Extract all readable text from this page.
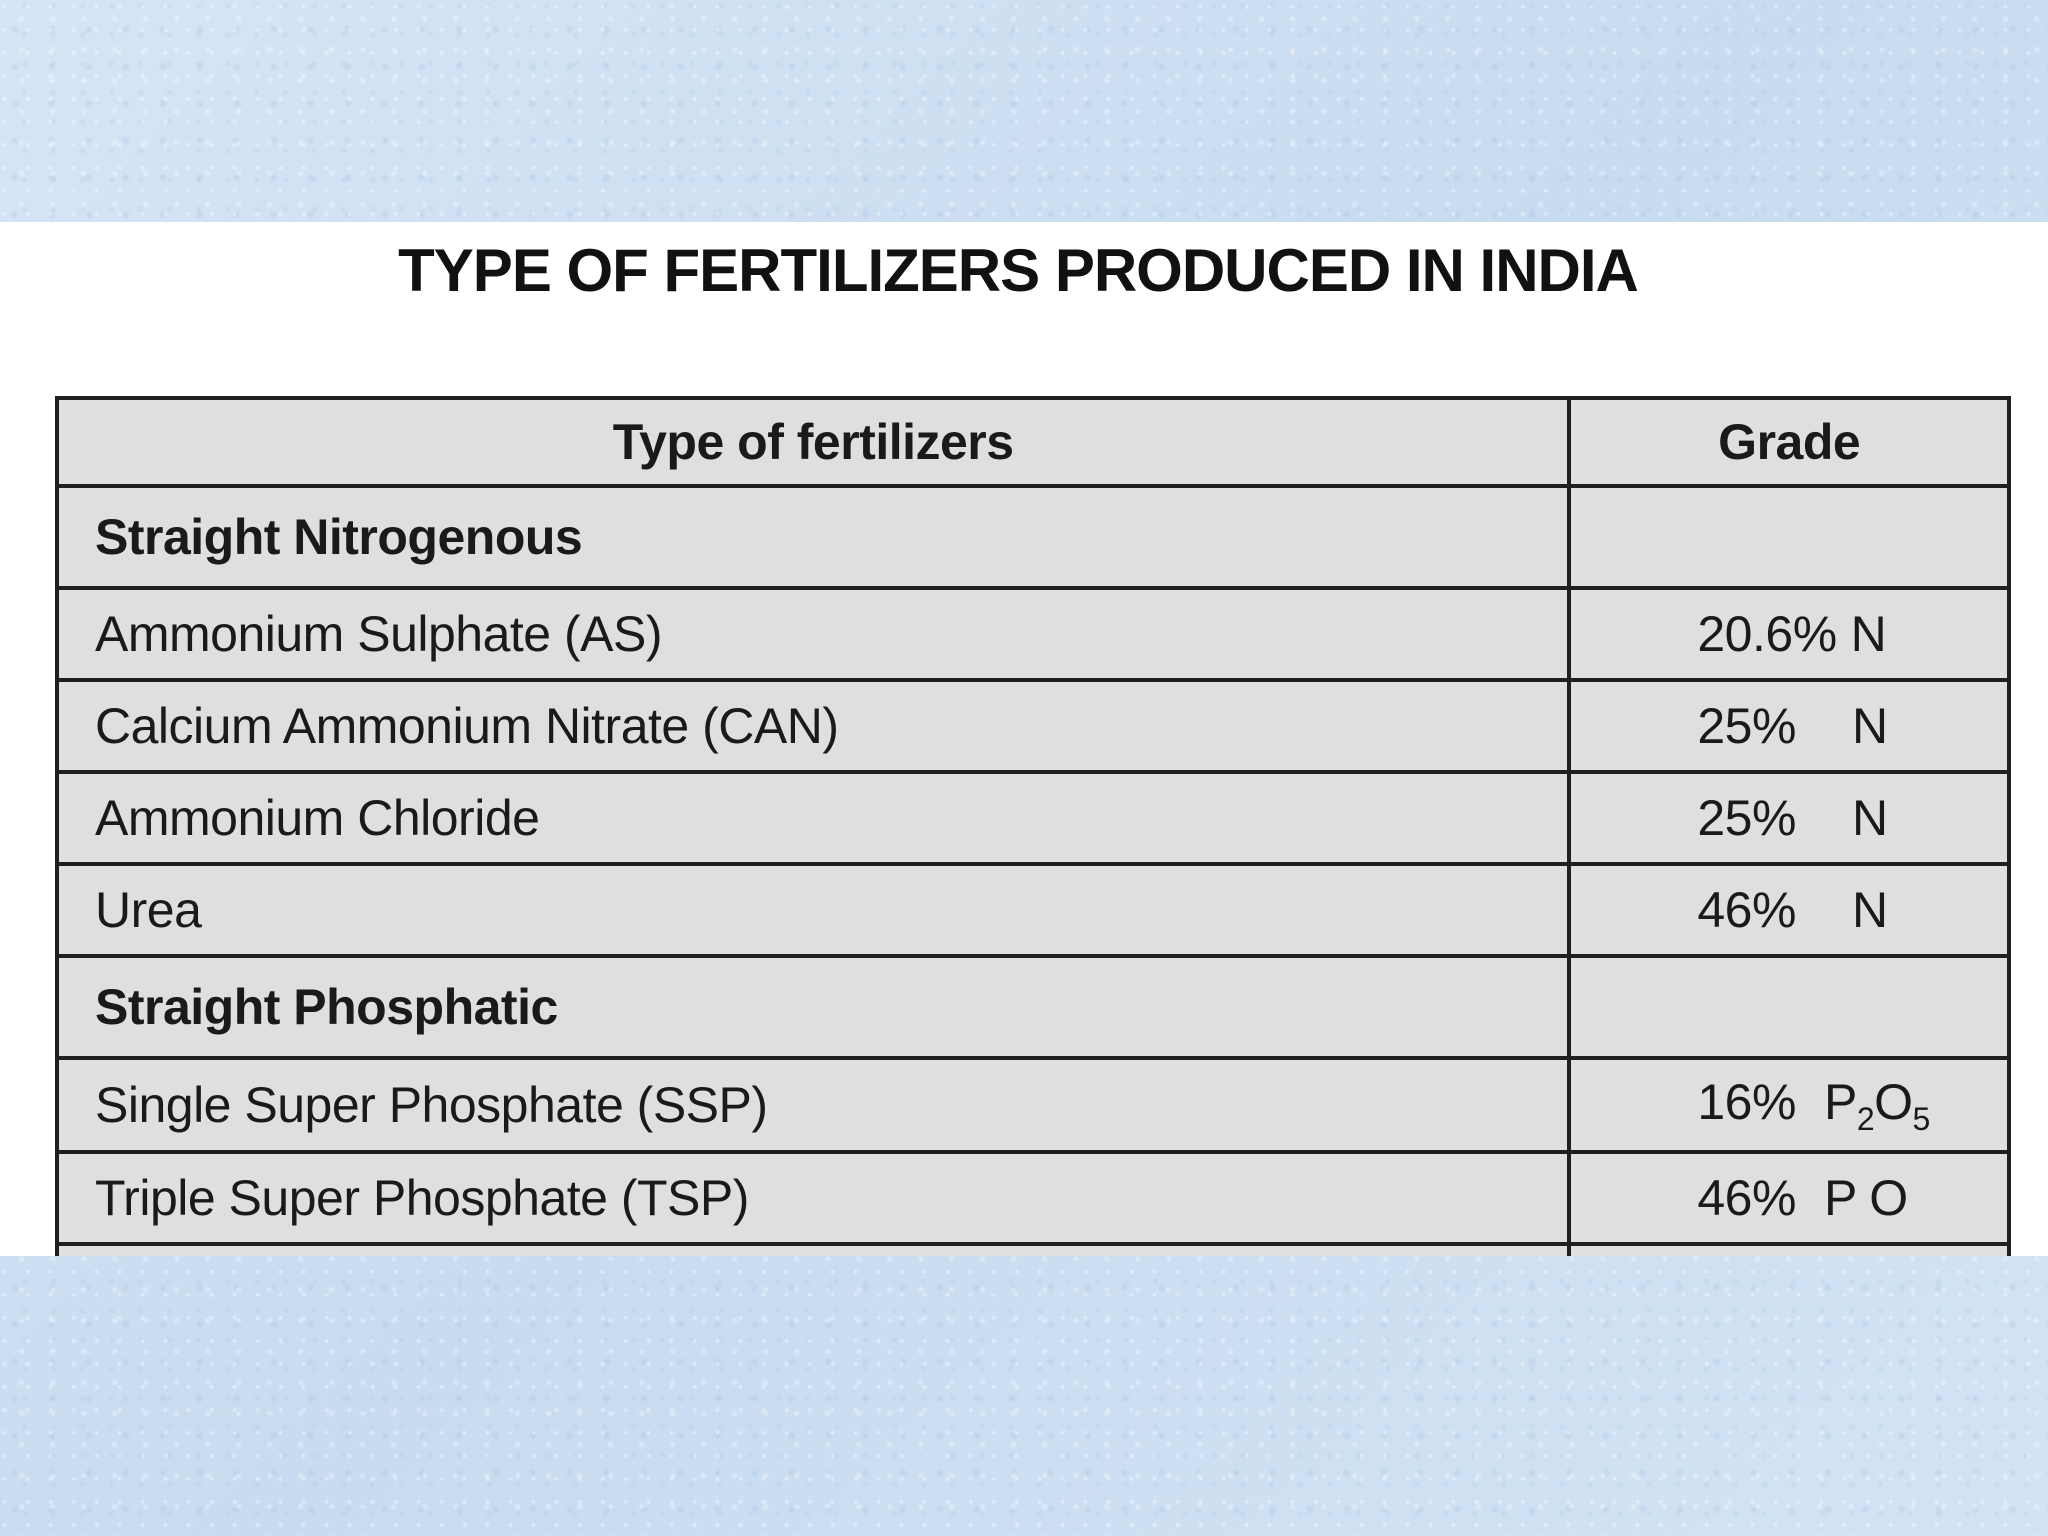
TYPE OF FERTILIZERS PRODUCED IN INDIA
Type of fertilizers	Grade
Straight Nitrogenous	
Ammonium Sulphate (AS)	20.6% N
Calcium Ammonium Nitrate (CAN)	25% N
Ammonium Chloride	25% N
Urea	46% N
Straight Phosphatic	
Single Super Phosphate (SSP)	16% $P_2O_5$
Triple Super Phosphate (TSP)	46% P O
